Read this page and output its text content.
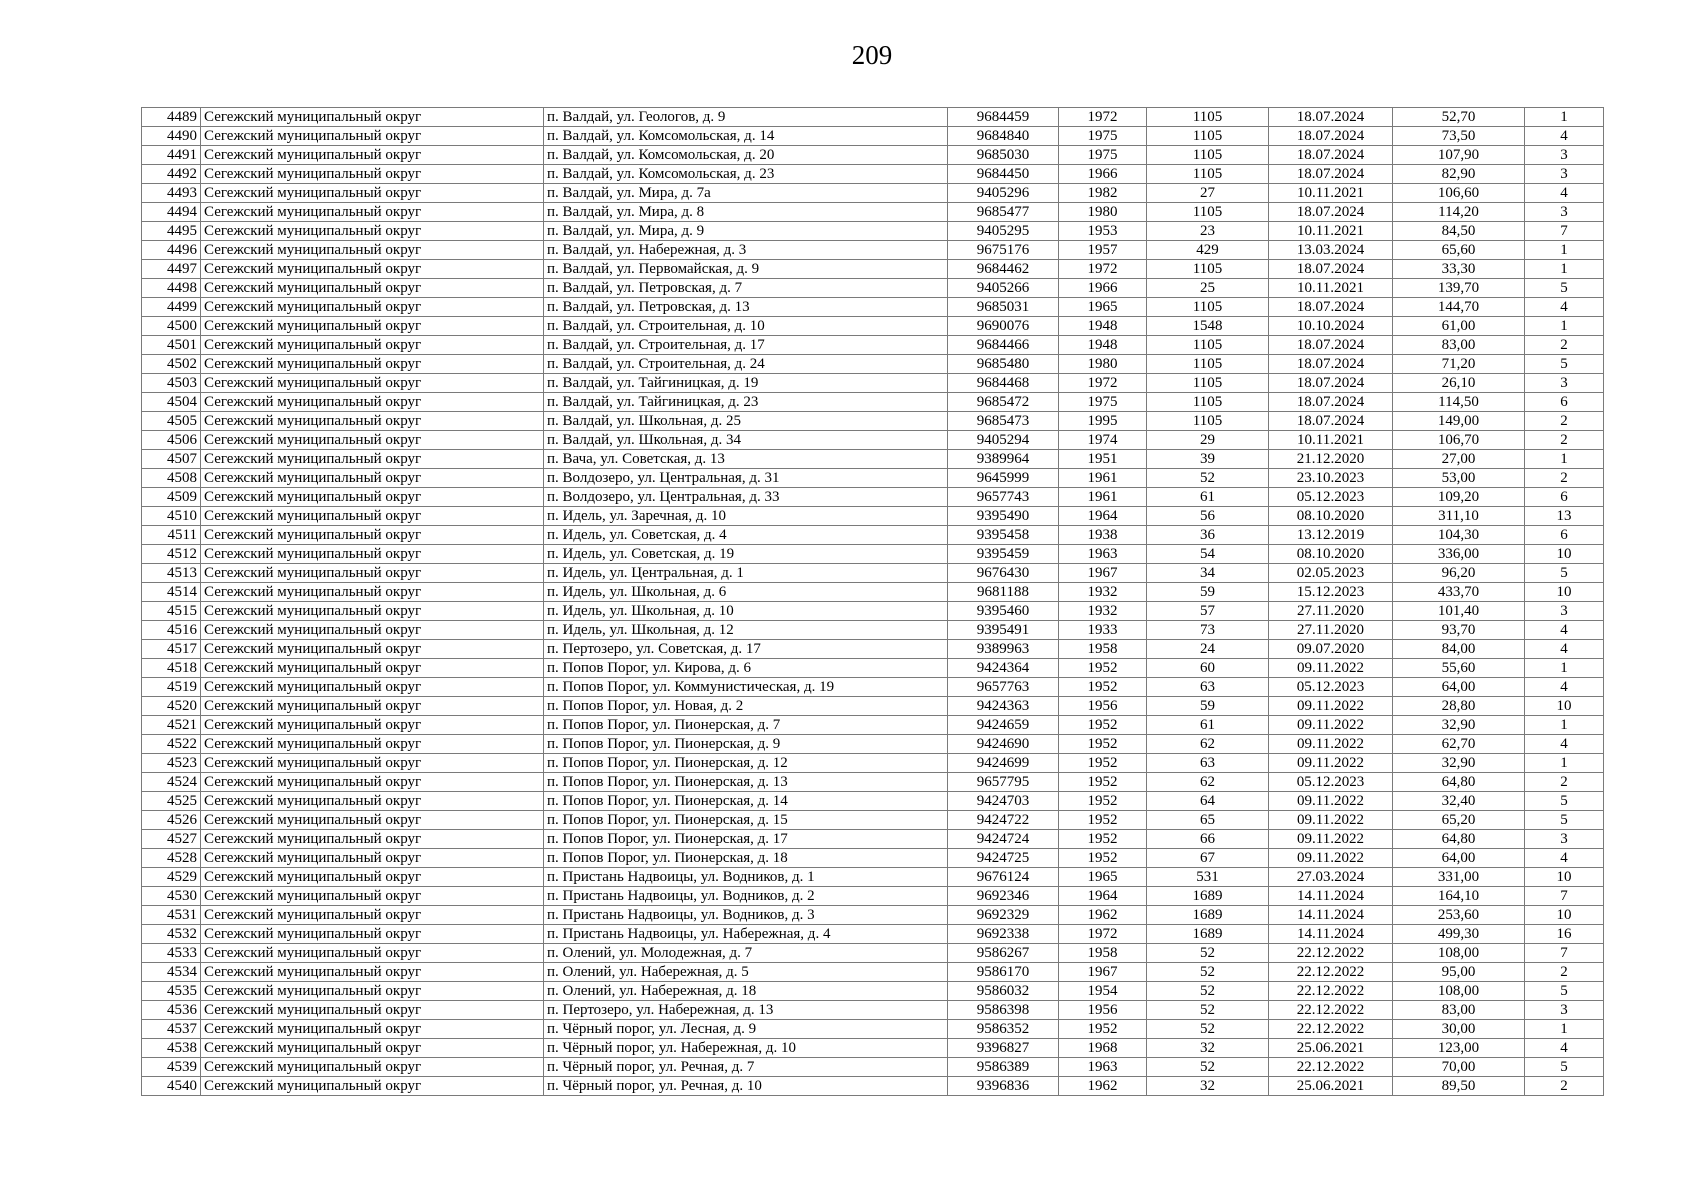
209
4489	Сегежский муниципальный округ	п. Валдай, ул. Геологов, д. 9	9684459	1972	1105	18.07.2024	52,70	1
4490	Сегежский муниципальный округ	п. Валдай, ул. Комсомольская, д. 14	9684840	1975	1105	18.07.2024	73,50	4
4491	Сегежский муниципальный округ	п. Валдай, ул. Комсомольская, д. 20	9685030	1975	1105	18.07.2024	107,90	3
4492	Сегежский муниципальный округ	п. Валдай, ул. Комсомольская, д. 23	9684450	1966	1105	18.07.2024	82,90	3
4493	Сегежский муниципальный округ	п. Валдай, ул. Мира, д. 7а	9405296	1982	27	10.11.2021	106,60	4
4494	Сегежский муниципальный округ	п. Валдай, ул. Мира, д. 8	9685477	1980	1105	18.07.2024	114,20	3
4495	Сегежский муниципальный округ	п. Валдай, ул. Мира, д. 9	9405295	1953	23	10.11.2021	84,50	7
4496	Сегежский муниципальный округ	п. Валдай, ул. Набережная, д. 3	9675176	1957	429	13.03.2024	65,60	1
4497	Сегежский муниципальный округ	п. Валдай, ул. Первомайская, д. 9	9684462	1972	1105	18.07.2024	33,30	1
4498	Сегежский муниципальный округ	п. Валдай, ул. Петровская, д. 7	9405266	1966	25	10.11.2021	139,70	5
4499	Сегежский муниципальный округ	п. Валдай, ул. Петровская, д. 13	9685031	1965	1105	18.07.2024	144,70	4
4500	Сегежский муниципальный округ	п. Валдай, ул. Строительная, д. 10	9690076	1948	1548	10.10.2024	61,00	1
4501	Сегежский муниципальный округ	п. Валдай, ул. Строительная, д. 17	9684466	1948	1105	18.07.2024	83,00	2
4502	Сегежский муниципальный округ	п. Валдай, ул. Строительная, д. 24	9685480	1980	1105	18.07.2024	71,20	5
4503	Сегежский муниципальный округ	п. Валдай, ул. Тайгиницкая, д. 19	9684468	1972	1105	18.07.2024	26,10	3
4504	Сегежский муниципальный округ	п. Валдай, ул. Тайгиницкая, д. 23	9685472	1975	1105	18.07.2024	114,50	6
4505	Сегежский муниципальный округ	п. Валдай, ул. Школьная, д. 25	9685473	1995	1105	18.07.2024	149,00	2
4506	Сегежский муниципальный округ	п. Валдай, ул. Школьная, д. 34	9405294	1974	29	10.11.2021	106,70	2
4507	Сегежский муниципальный округ	п. Вача, ул. Советская, д. 13	9389964	1951	39	21.12.2020	27,00	1
4508	Сегежский муниципальный округ	п. Волдозеро, ул. Центральная, д. 31	9645999	1961	52	23.10.2023	53,00	2
4509	Сегежский муниципальный округ	п. Волдозеро, ул. Центральная, д. 33	9657743	1961	61	05.12.2023	109,20	6
4510	Сегежский муниципальный округ	п. Идель, ул. Заречная, д. 10	9395490	1964	56	08.10.2020	311,10	13
4511	Сегежский муниципальный округ	п. Идель, ул. Советская, д. 4	9395458	1938	36	13.12.2019	104,30	6
4512	Сегежский муниципальный округ	п. Идель, ул. Советская, д. 19	9395459	1963	54	08.10.2020	336,00	10
4513	Сегежский муниципальный округ	п. Идель, ул. Центральная, д. 1	9676430	1967	34	02.05.2023	96,20	5
4514	Сегежский муниципальный округ	п. Идель, ул. Школьная, д. 6	9681188	1932	59	15.12.2023	433,70	10
4515	Сегежский муниципальный округ	п. Идель, ул. Школьная, д. 10	9395460	1932	57	27.11.2020	101,40	3
4516	Сегежский муниципальный округ	п. Идель, ул. Школьная, д. 12	9395491	1933	73	27.11.2020	93,70	4
4517	Сегежский муниципальный округ	п. Пертозеро, ул. Советская, д. 17	9389963	1958	24	09.07.2020	84,00	4
4518	Сегежский муниципальный округ	п. Попов Порог, ул. Кирова, д. 6	9424364	1952	60	09.11.2022	55,60	1
4519	Сегежский муниципальный округ	п. Попов Порог, ул. Коммунистическая, д. 19	9657763	1952	63	05.12.2023	64,00	4
4520	Сегежский муниципальный округ	п. Попов Порог, ул. Новая, д. 2	9424363	1956	59	09.11.2022	28,80	10
4521	Сегежский муниципальный округ	п. Попов Порог, ул. Пионерская, д. 7	9424659	1952	61	09.11.2022	32,90	1
4522	Сегежский муниципальный округ	п. Попов Порог, ул. Пионерская, д. 9	9424690	1952	62	09.11.2022	62,70	4
4523	Сегежский муниципальный округ	п. Попов Порог, ул. Пионерская, д. 12	9424699	1952	63	09.11.2022	32,90	1
4524	Сегежский муниципальный округ	п. Попов Порог, ул. Пионерская, д. 13	9657795	1952	62	05.12.2023	64,80	2
4525	Сегежский муниципальный округ	п. Попов Порог, ул. Пионерская, д. 14	9424703	1952	64	09.11.2022	32,40	5
4526	Сегежский муниципальный округ	п. Попов Порог, ул. Пионерская, д. 15	9424722	1952	65	09.11.2022	65,20	5
4527	Сегежский муниципальный округ	п. Попов Порог, ул. Пионерская, д. 17	9424724	1952	66	09.11.2022	64,80	3
4528	Сегежский муниципальный округ	п. Попов Порог, ул. Пионерская, д. 18	9424725	1952	67	09.11.2022	64,00	4
4529	Сегежский муниципальный округ	п. Пристань Надвоицы, ул. Водников, д. 1	9676124	1965	531	27.03.2024	331,00	10
4530	Сегежский муниципальный округ	п. Пристань Надвоицы, ул. Водников, д. 2	9692346	1964	1689	14.11.2024	164,10	7
4531	Сегежский муниципальный округ	п. Пристань Надвоицы, ул. Водников, д. 3	9692329	1962	1689	14.11.2024	253,60	10
4532	Сегежский муниципальный округ	п. Пристань Надвоицы, ул. Набережная, д. 4	9692338	1972	1689	14.11.2024	499,30	16
4533	Сегежский муниципальный округ	п. Олений, ул. Молодежная, д. 7	9586267	1958	52	22.12.2022	108,00	7
4534	Сегежский муниципальный округ	п. Олений, ул. Набережная, д. 5	9586170	1967	52	22.12.2022	95,00	2
4535	Сегежский муниципальный округ	п. Олений, ул. Набережная, д. 18	9586032	1954	52	22.12.2022	108,00	5
4536	Сегежский муниципальный округ	п. Пертозеро, ул. Набережная, д. 13	9586398	1956	52	22.12.2022	83,00	3
4537	Сегежский муниципальный округ	п. Чёрный порог, ул. Лесная, д. 9	9586352	1952	52	22.12.2022	30,00	1
4538	Сегежский муниципальный округ	п. Чёрный порог, ул. Набережная, д. 10	9396827	1968	32	25.06.2021	123,00	4
4539	Сегежский муниципальный округ	п. Чёрный порог, ул. Речная, д. 7	9586389	1963	52	22.12.2022	70,00	5
4540	Сегежский муниципальный округ	п. Чёрный порог, ул. Речная, д. 10	9396836	1962	32	25.06.2021	89,50	2
